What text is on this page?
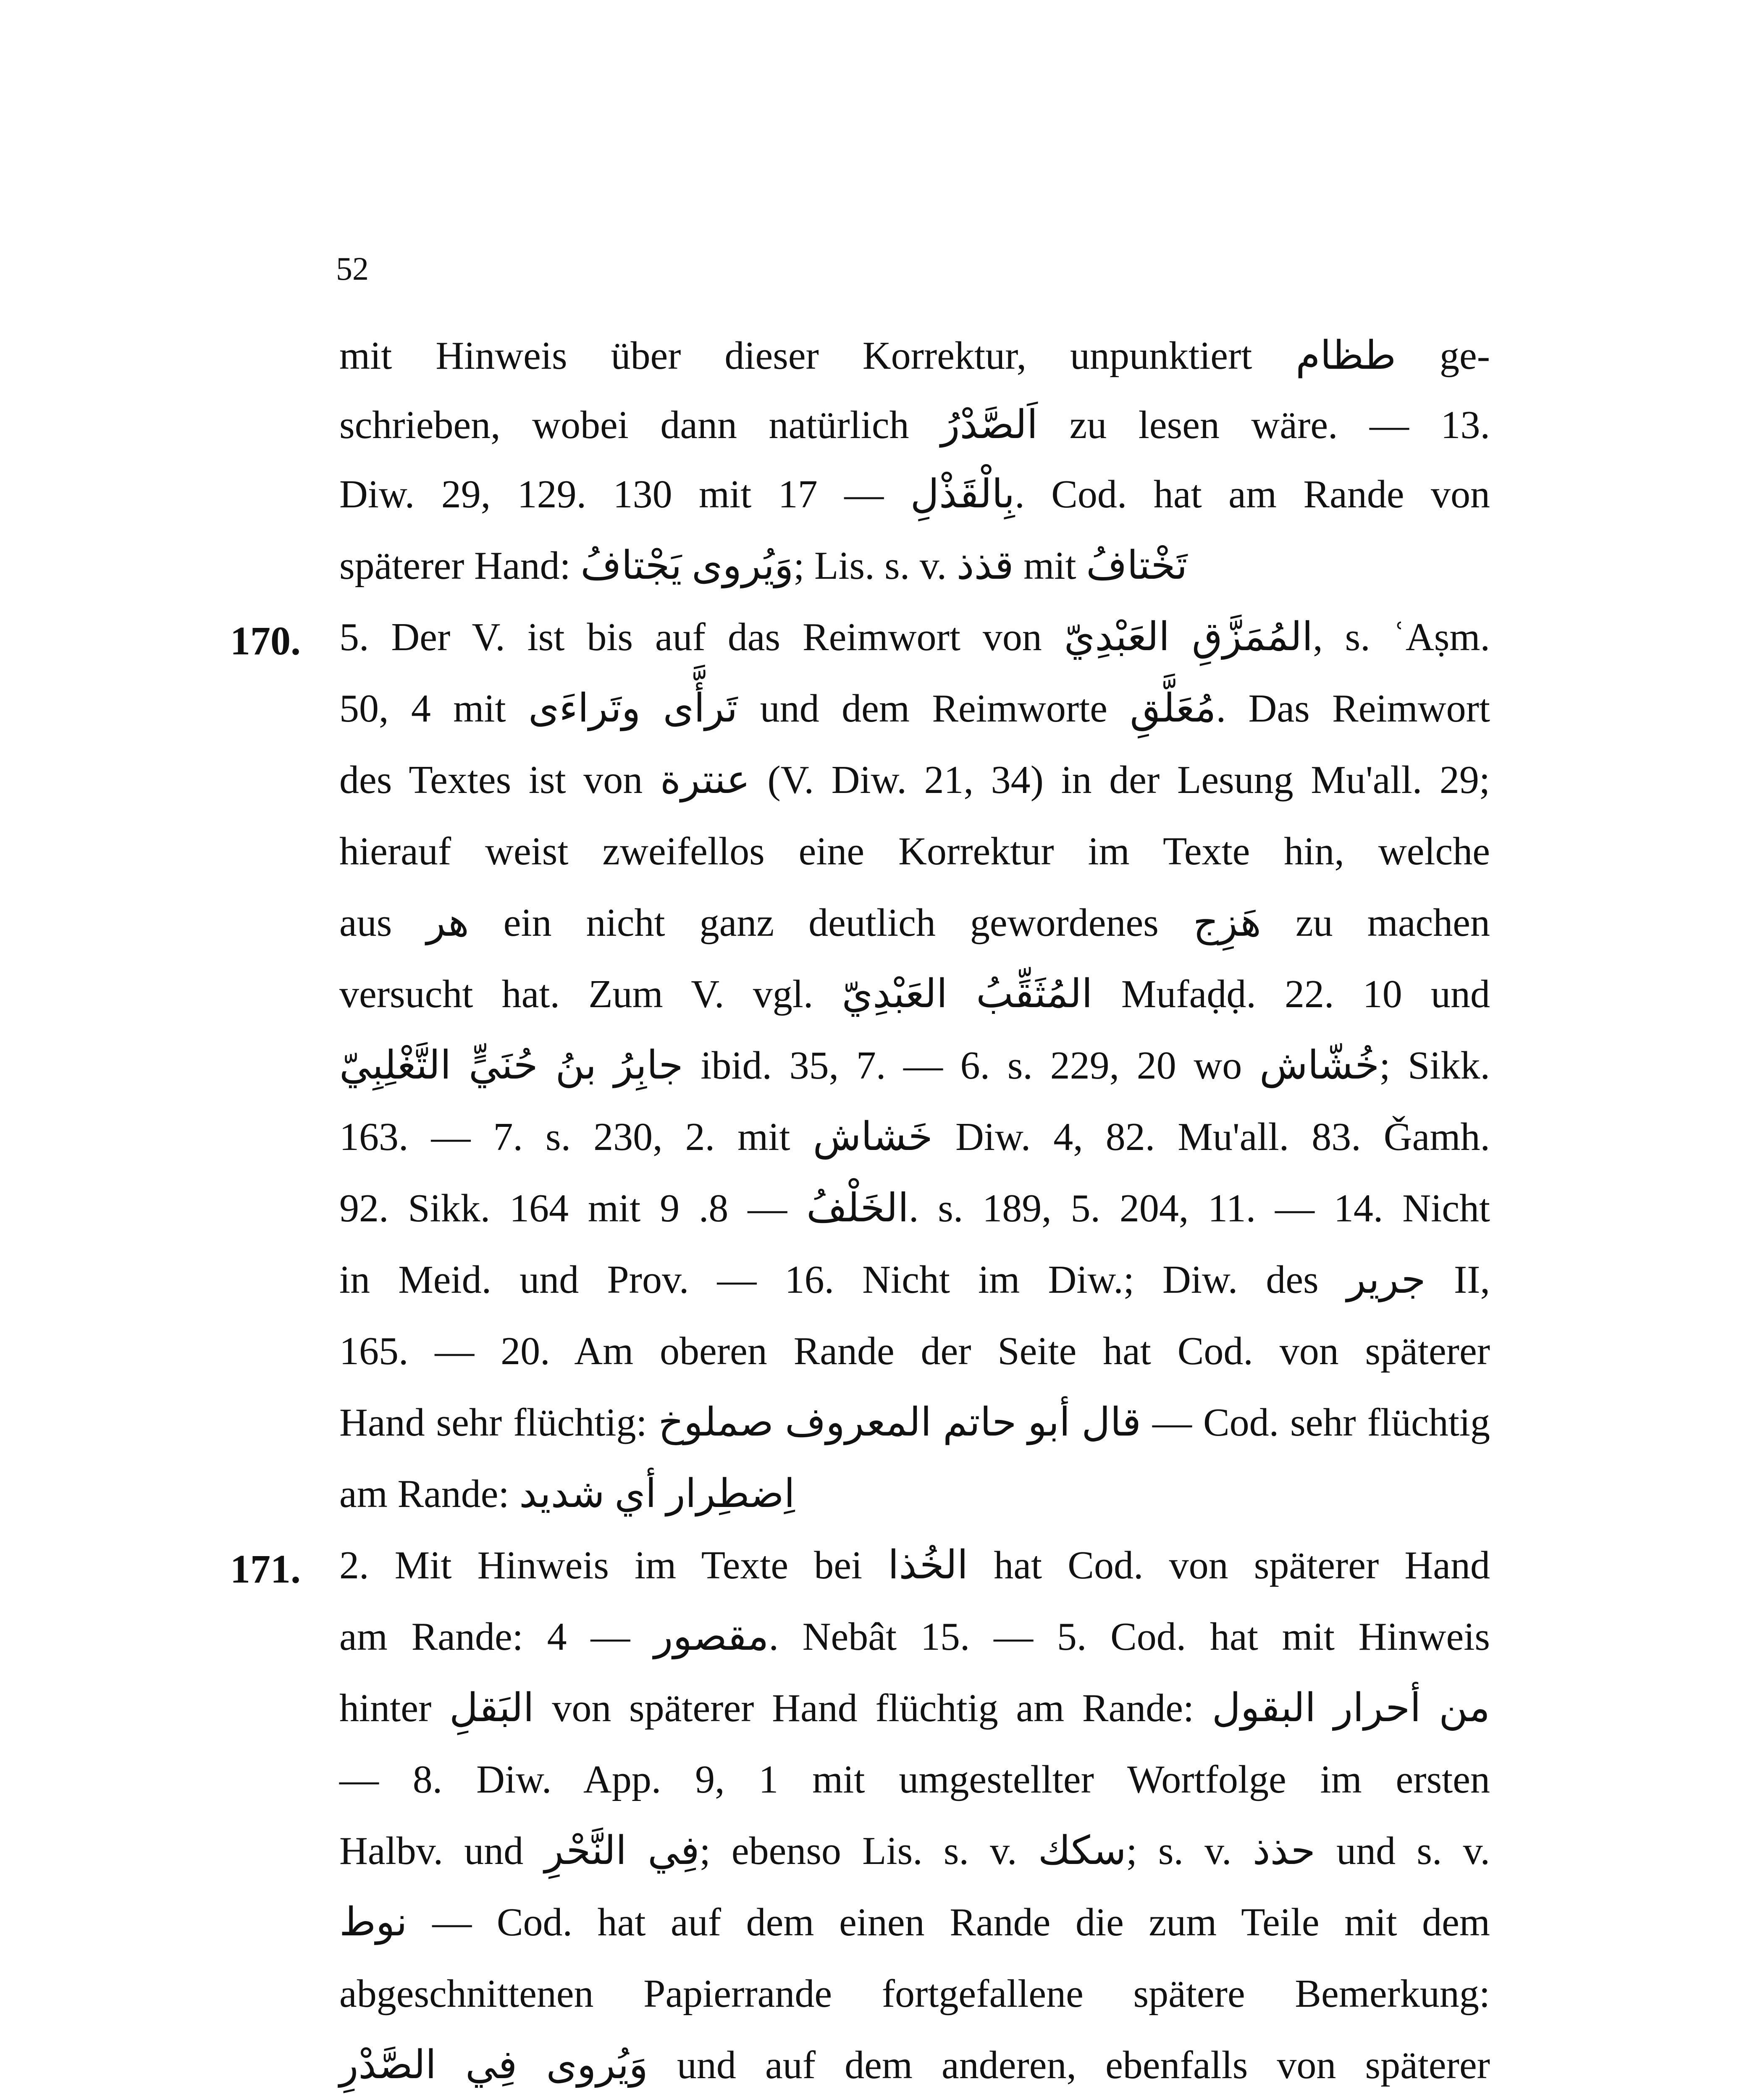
52
mit Hinweis über dieser Korrektur, unpunktiert طظام ge-
schrieben, wobei dann natürlich اَلصَّدْرُ zu lesen wäre. — 13.
Diw. 29, 129. 130 mit بِالْقَذْلِ — 17. Cod. hat am Rande von
späterer Hand: وَيُروى يَجْتافُ; Lis. s. v. قذذ mit تَخْتافُ
170. 5. Der V. ist bis auf das Reimwort von المُمَزَّقِ العَبْدِيّ, s. ʿAṣm.
50, 4 mit تَرأَّى وتَراءَى und dem Reimworte مُعَلَّقِ. Das Reimwort
des Textes ist von عنترة (V. Diw. 21, 34) in der Lesung Mu'all. 29;
hierauf weist zweifellos eine Korrektur im Texte hin, welche
aus هر ein nicht ganz deutlich gewordenes هَزِج zu machen
versucht hat. Zum V. vgl. المُثَقِّبُ العَبْدِيّ Mufaḍḍ. 22. 10 und
جابِرُ بنُ حُنَيٍّ التَّغْلِبِيّ ibid. 35, 7. — 6. s. 229, 20 wo خُشّاش; Sikk.
163. — 7. s. 230, 2. mit خَشاش Diw. 4, 82. Mu'all. 83. Ǧamh.
92. Sikk. 164 mit الخَلْفُ — 8. 9. s. 189, 5. 204, 11. — 14. Nicht
in Meid. und Prov. — 16. Nicht im Diw.; Diw. des جرير II,
165. — 20. Am oberen Rande der Seite hat Cod. von späterer
Hand sehr flüchtig: قال أبو حاتم المعروف صملوخ — Cod. sehr flüchtig
am Rande: اِضطِرار أي شديد
171. 2. Mit Hinweis im Texte bei الخُذا hat Cod. von späterer Hand
am Rande: مقصور — 4. Nebât 15. — 5. Cod. hat mit Hinweis
hinter البَقلِ von späterer Hand flüchtig am Rande: من أحرار البقول
— 8. Diw. App. 9, 1 mit umgestellter Wortfolge im ersten
Halbv. und فِي النَّحْرِ; ebenso Lis. s. v. سكك; s. v. حذذ und s. v.
نوط — Cod. hat auf dem einen Rande die zum Teile mit dem
abgeschnittenen Papierrande fortgefallene spätere Bemerkung:
وَيُروى فِي الصَّدْرِ und auf dem anderen, ebenfalls von späterer
